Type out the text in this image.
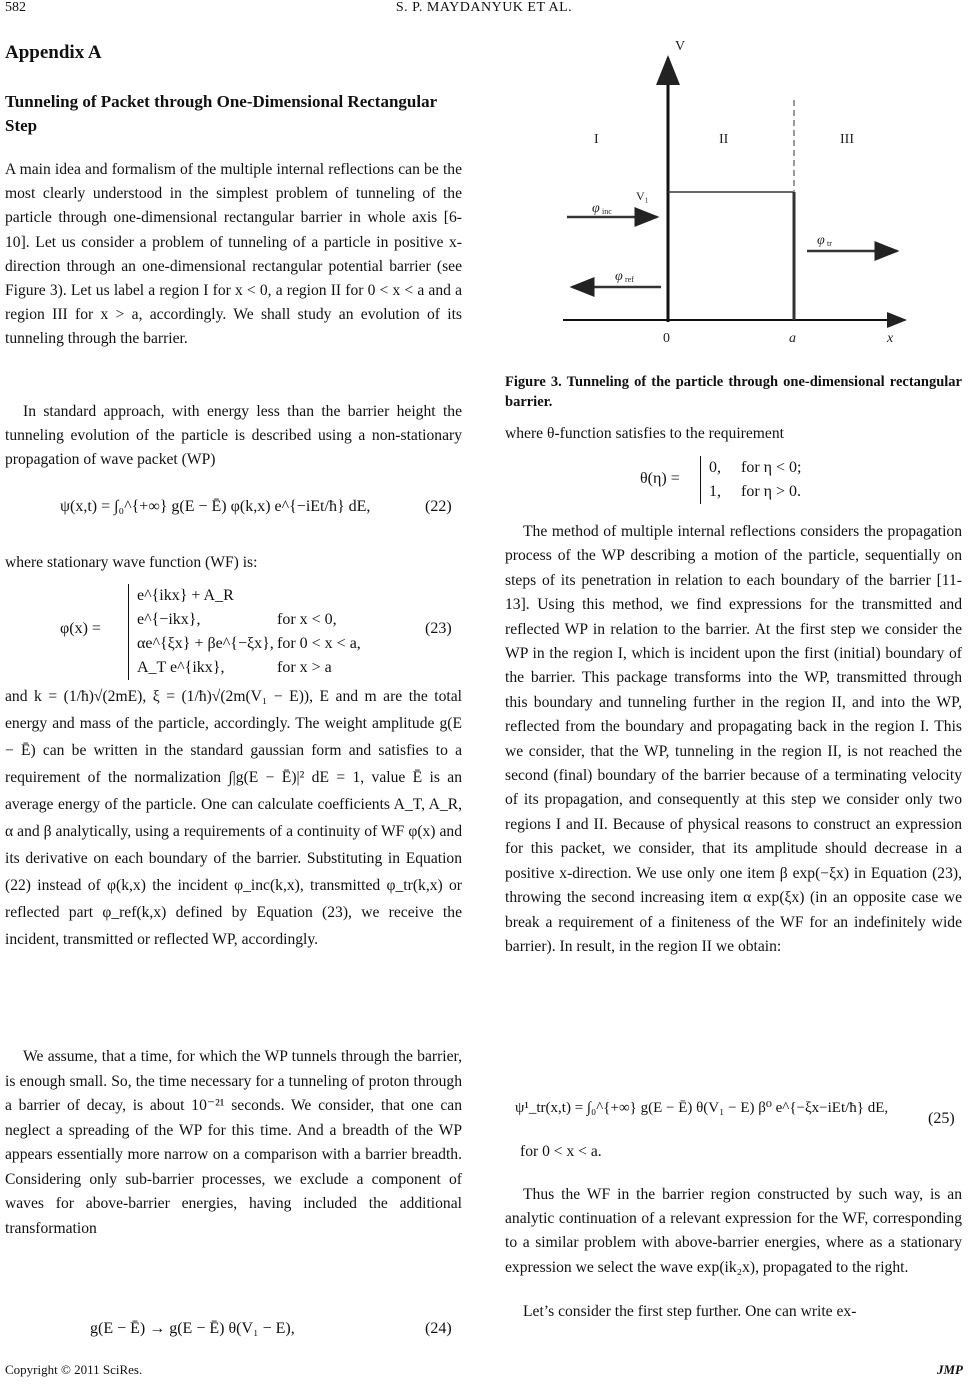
582	S. P. MAYDANYUK ET AL.
Appendix A
Tunneling of Packet through One-Dimensional Rectangular Step
A main idea and formalism of the multiple internal reflections can be the most clearly understood in the simplest problem of tunneling of the particle through one-dimensional rectangular barrier in whole axis [6-10]. Let us consider a problem of tunneling of a particle in positive x-direction through an one-dimensional rectangular potential barrier (see Figure 3). Let us label a region I for x < 0, a region II for 0 < x < a and a region III for x > a, accordingly. We shall study an evolution of its tunneling through the barrier.
In standard approach, with energy less than the barrier height the tunneling evolution of the particle is described using a non-stationary propagation of wave packet (WP)
ψ(x,t) = ∫₀^{+∞} g(E − Ē) φ(k,x) e^{−iEt/ħ} dE,	(22)
where stationary wave function (WF) is:
φ(x) =
e^{ikx} + A_R e^{−ikx},	for x < 0,
αe^{ξx} + βe^{−ξx}, for 0 < x < a,
A_T e^{ikx},	for x > a
(23)
and k = (1/ħ)√(2mE), ξ = (1/ħ)√(2m(V₁ − E)), E and m are the total energy and mass of the particle, accordingly. The weight amplitude g(E − Ē) can be written in the standard gaussian form and satisfies to a requirement of the normalization ∫|g(E − Ē)|² dE = 1, value Ē is an average energy of the particle. One can calculate coefficients A_T, A_R, α and β analytically, using a requirements of a continuity of WF φ(x) and its derivative on each boundary of the barrier. Substituting in Equation (22) instead of φ(k,x) the incident φ_inc(k,x), transmitted φ_tr(k,x) or reflected part φ_ref(k,x) defined by Equation (23), we receive the incident, transmitted or reflected WP, accordingly.
We assume, that a time, for which the WP tunnels through the barrier, is enough small. So, the time necessary for a tunneling of proton through a barrier of decay, is about 10⁻²¹ seconds. We consider, that one can neglect a spreading of the WP for this time. And a breadth of the WP appears essentially more narrow on a comparison with a barrier breadth. Considering only sub-barrier processes, we exclude a component of waves for above-barrier energies, having included the additional transformation
g(E − Ē) → g(E − Ē) θ(V₁ − E),	(24)
V
I	II	III
V₁
φ inc
φ ref
φ tr
0	a	x
Figure 3. Tunneling of the particle through one-dimensional rectangular barrier.
where θ-function satisfies to the requirement
θ(η) =
0, for η < 0;
1, for η > 0.
The method of multiple internal reflections considers the propagation process of the WP describing a motion of the particle, sequentially on steps of its penetration in relation to each boundary of the barrier [11-13]. Using this method, we find expressions for the transmitted and reflected WP in relation to the barrier. At the first step we consider the WP in the region I, which is incident upon the first (initial) boundary of the barrier. This package transforms into the WP, transmitted through this boundary and tunneling further in the region II, and into the WP, reflected from the boundary and propagating back in the region I. This we consider, that the WP, tunneling in the region II, is not reached the second (final) boundary of the barrier because of a terminating velocity of its propagation, and consequently at this step we consider only two regions I and II. Because of physical reasons to construct an expression for this packet, we consider, that its amplitude should decrease in a positive x-direction. We use only one item β exp(−ξx) in Equation (23), throwing the second increasing item α exp(ξx) (in an opposite case we break a requirement of a finiteness of the WF for an indefinitely wide barrier). In result, in the region II we obtain:
ψ¹_tr(x,t) = ∫₀^{+∞} g(E − Ē) θ(V₁ − E) β⁰ e^{−ξx−iEt/ħ} dE,
(25)
for 0 < x < a.
Thus the WF in the barrier region constructed by such way, is an analytic continuation of a relevant expression for the WF, corresponding to a similar problem with above-barrier energies, where as a stationary expression we select the wave exp(ik₂x), propagated to the right.
Let’s consider the first step further. One can write ex-
Copyright © 2011 SciRes.	JMP
